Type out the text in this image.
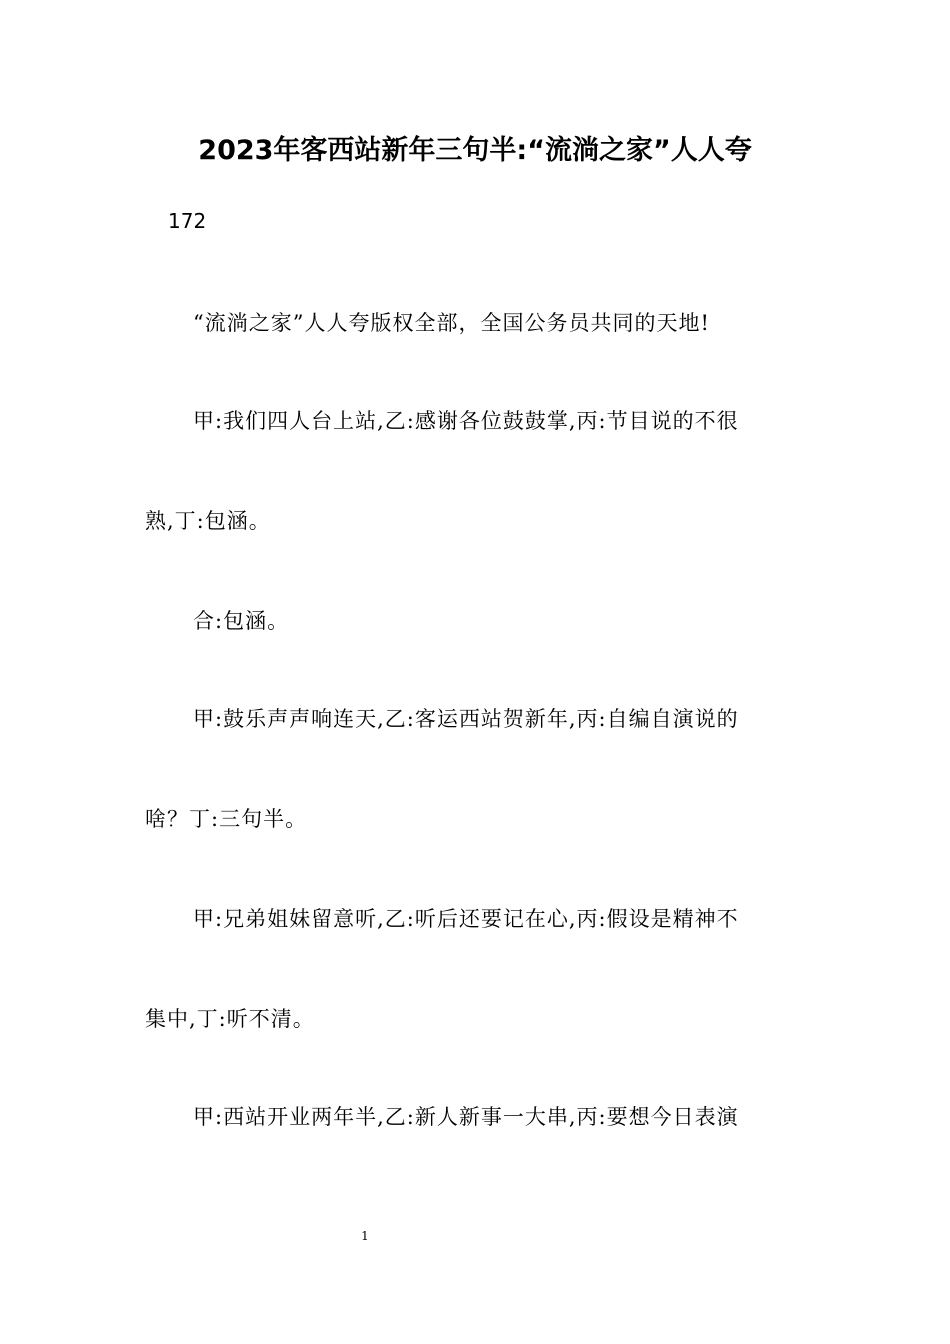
2023年客西站新年三句半:“流淌之家”人人夸
172
“流淌之家”人人夸版权全部，全国公务员共同的天地!
甲:我们四人台上站,乙:感谢各位鼓鼓掌,丙:节目说的不很
熟,丁:包涵。
合:包涵。
甲:鼓乐声声响连天,乙:客运西站贺新年,丙:自编自演说的
啥？丁:三句半。
甲:兄弟姐妹留意听,乙:听后还要记在心,丙:假设是精神不
集中,丁:听不清。
甲:西站开业两年半,乙:新人新事一大串,丙:要想今日表演
1
